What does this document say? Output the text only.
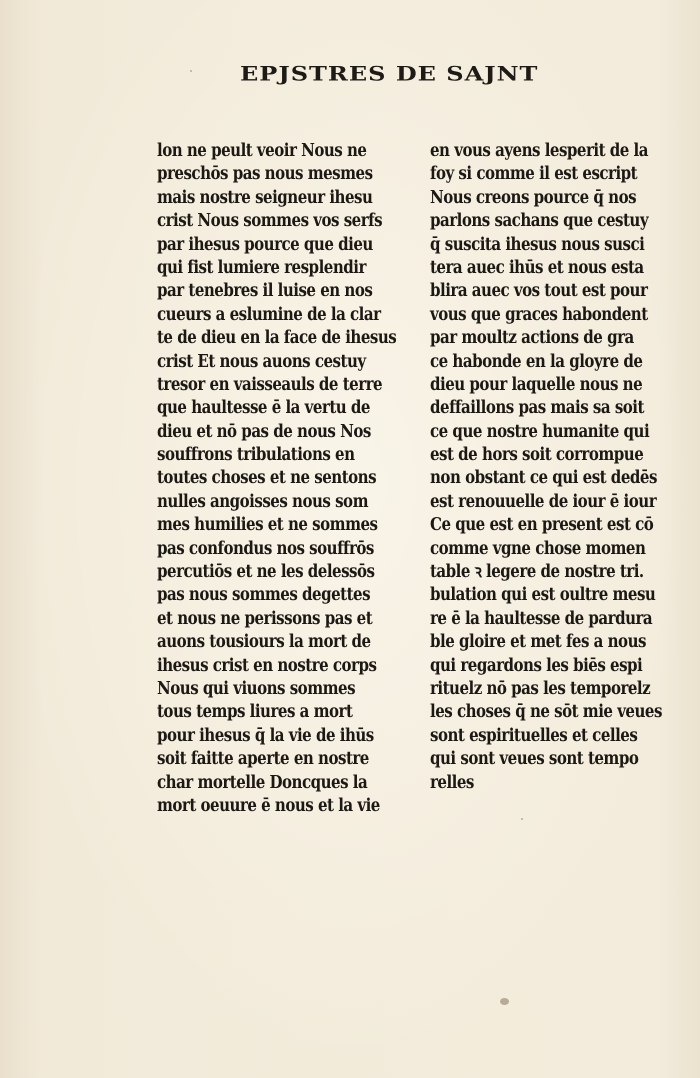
EPJSTRES DE SAJNT
lon ne peult veoir Nous ne
preschōs pas nous mesmes
mais nostre seigneur ihesu
crist Nous sommes vos serfs
par ihesus pource que dieu
qui fist lumiere resplendir
par tenebres il luise en nos
cueurs a eslumine de la clar
te de dieu en la face de ihesus
crist Et nous auons cestuy
tresor en vaisseauls de terre
que haultesse ē la vertu de
dieu et nō pas de nous Nos
souffrons tribulations en
toutes choses et ne sentons
nulles angoisses nous som
mes humilies et ne sommes
pas confondus nos souffrōs
percutiōs et ne les delessōs
pas nous sommes degettes
et nous ne perissons pas et
auons tousiours la mort de
ihesus crist en nostre corps
Nous qui viuons sommes
tous temps liures a mort
pour ihesus q̄ la vie de ihūs
soit faitte aperte en nostre
char mortelle Doncques la
mort oeuure ē nous et la vie
en vous ayens lesperit de la
foy si comme il est escript
Nous creons pource q̄ nos
parlons sachans que cestuy
q̄ suscita ihesus nous susci
tera auec ihūs et nous esta
blira auec vos tout est pour
vous que graces habondent
par moultz actions de gra
ce habonde en la gloyre de
dieu pour laquelle nous ne
deffaillons pas mais sa soit
ce que nostre humanite qui
est de hors soit corrompue
non obstant ce qui est dedēs
est renouuelle de iour ē iour
Ce que est en present est cō
comme vgne chose momen
table ꝛ legere de nostre tri.
bulation qui est oultre mesu
re ē la haultesse de pardura
ble gloire et met fes a nous
qui regardons les biēs espi
rituelz nō pas les temporelz
les choses q̄ ne sōt mie veues
sont espirituelles et celles
qui sont veues sont tempo
relles
